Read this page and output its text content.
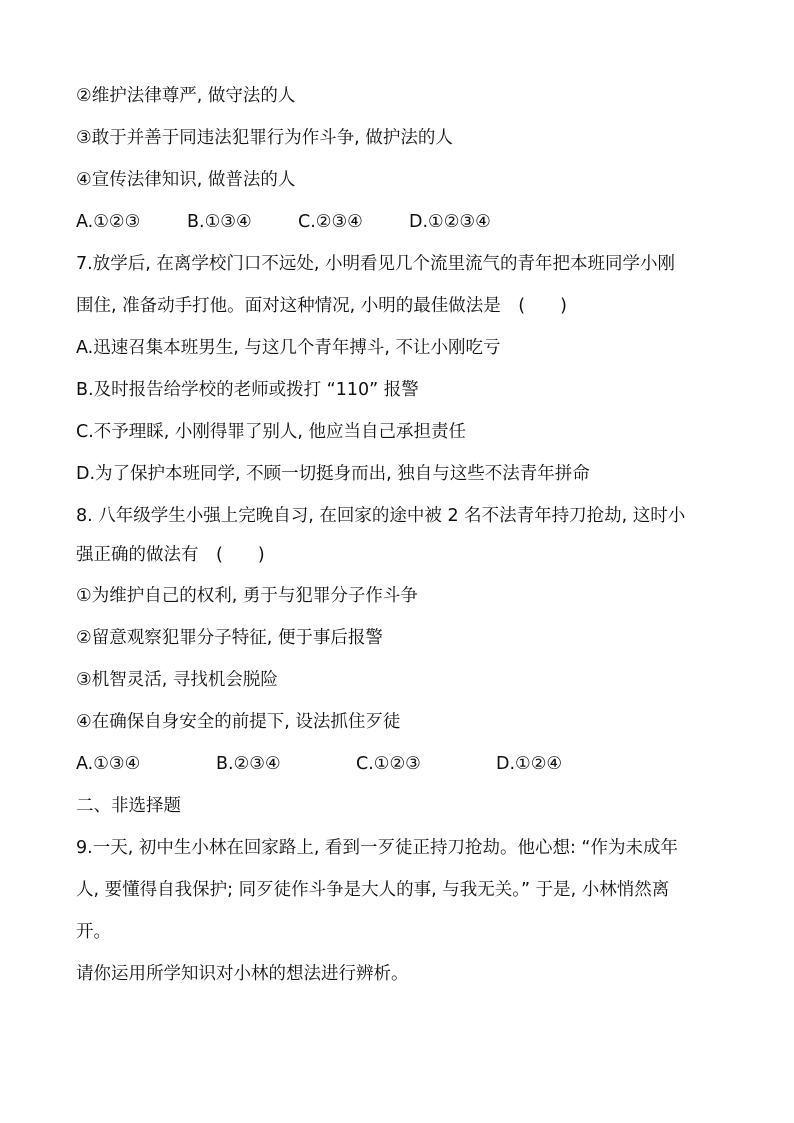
②维护法律尊严, 做守法的人
③敢于并善于同违法犯罪行为作斗争, 做护法的人
④宣传法律知识, 做普法的人
A.①②③	B.①③④	C.②③④	D.①②③④
7.放学后, 在离学校门口不远处, 小明看见几个流里流气的青年把本班同学小刚
围住, 准备动手打他。面对这种情况, 小明的最佳做法是　(　　)
A.迅速召集本班男生, 与这几个青年搏斗, 不让小刚吃亏
B.及时报告给学校的老师或拨打 “110” 报警
C.不予理睬, 小刚得罪了别人, 他应当自己承担责任
D.为了保护本班同学, 不顾一切挺身而出, 独自与这些不法青年拼命
8. 八年级学生小强上完晚自习, 在回家的途中被 2 名不法青年持刀抢劫, 这时小
强正确的做法有　(　　)
①为维护自己的权利, 勇于与犯罪分子作斗争
②留意观察犯罪分子特征, 便于事后报警
③机智灵活, 寻找机会脱险
④在确保自身安全的前提下, 设法抓住歹徒
A.①③④	B.②③④	C.①②③	D.①②④
二、非选择题
9.一天, 初中生小林在回家路上, 看到一歹徒正持刀抢劫。他心想: “作为未成年
人, 要懂得自我保护; 同歹徒作斗争是大人的事, 与我无关。” 于是, 小林悄然离
开。
请你运用所学知识对小林的想法进行辨析。
